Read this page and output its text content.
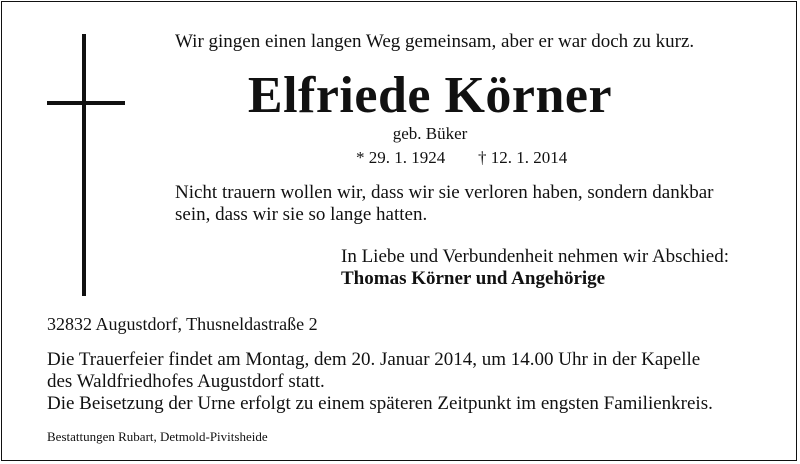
Wir gingen einen langen Weg gemeinsam, aber er war doch zu kurz.

Elfriede Körner

geb. Büker

* 29. 1. 1924 † 12. 1. 2014

Nicht trauern wollen wir, dass wir sie verloren haben, sondern dankbar

sein, dass wir sie so lange hatten.

In Liebe und Verbundenheit nehmen wir Abschied:

Thomas Körner und Angehörige

32832 Augustdorf, Thusneldastraße 2

Die Trauerfeier findet am Montag, dem 20. Januar 2014, um 14.00 Uhr in der Kapelle

des Waldfriedhofes Augustdorf statt.

Die Beisetzung der Urne erfolgt zu einem späteren Zeitpunkt im engsten Familienkreis.

Bestattungen Rubart, Detmold-Pivitsheide
